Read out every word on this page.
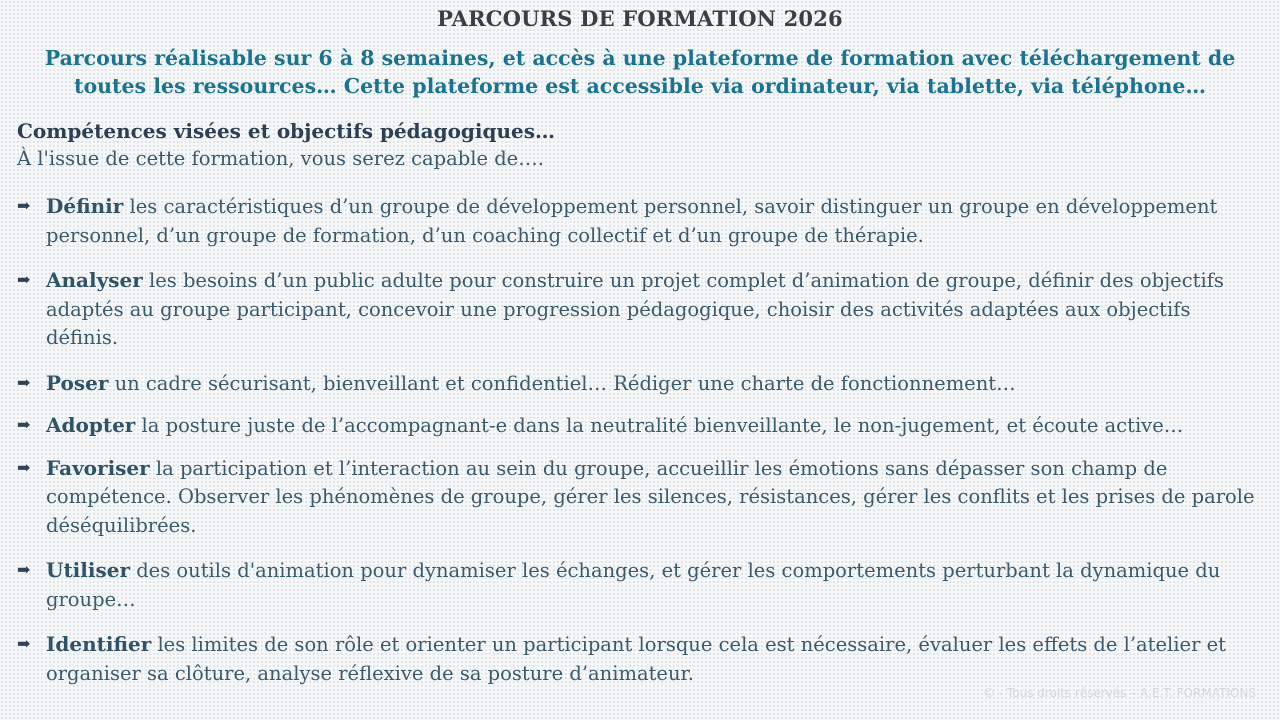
PARCOURS DE FORMATION 2026
Parcours réalisable sur 6 à 8 semaines, et accès à une plateforme de formation avec téléchargement de toutes les ressources… Cette plateforme est accessible via ordinateur, via tablette, via téléphone…
Compétences visées et objectifs pédagogiques…
À l'issue de cette formation, vous serez capable de….
➡ Définir les caractéristiques d’un groupe de développement personnel, savoir distinguer un groupe en développement personnel, d’un groupe de formation, d’un coaching collectif et d’un groupe de thérapie.
➡ Analyser les besoins d’un public adulte pour construire un projet complet d’animation de groupe, définir des objectifs adaptés au groupe participant, concevoir une progression pédagogique, choisir des activités adaptées aux objectifs définis.
➡ Poser un cadre sécurisant, bienveillant et confidentiel… Rédiger une charte de fonctionnement…
➡ Adopter la posture juste de l’accompagnant-e dans la neutralité bienveillante, le non-jugement, et écoute active…
➡ Favoriser la participation et l’interaction au sein du groupe, accueillir les émotions sans dépasser son champ de compétence. Observer les phénomènes de groupe, gérer les silences, résistances, gérer les conflits et les prises de parole déséquilibrées.
➡ Utiliser des outils d'animation pour dynamiser les échanges, et gérer les comportements perturbant la dynamique du groupe…
➡ Identifier les limites de son rôle et orienter un participant lorsque cela est nécessaire, évaluer les effets de l’atelier et organiser sa clôture, analyse réflexive de sa posture d’animateur.
© - Tous droits réservés – A.E.T. FORMATIONS
